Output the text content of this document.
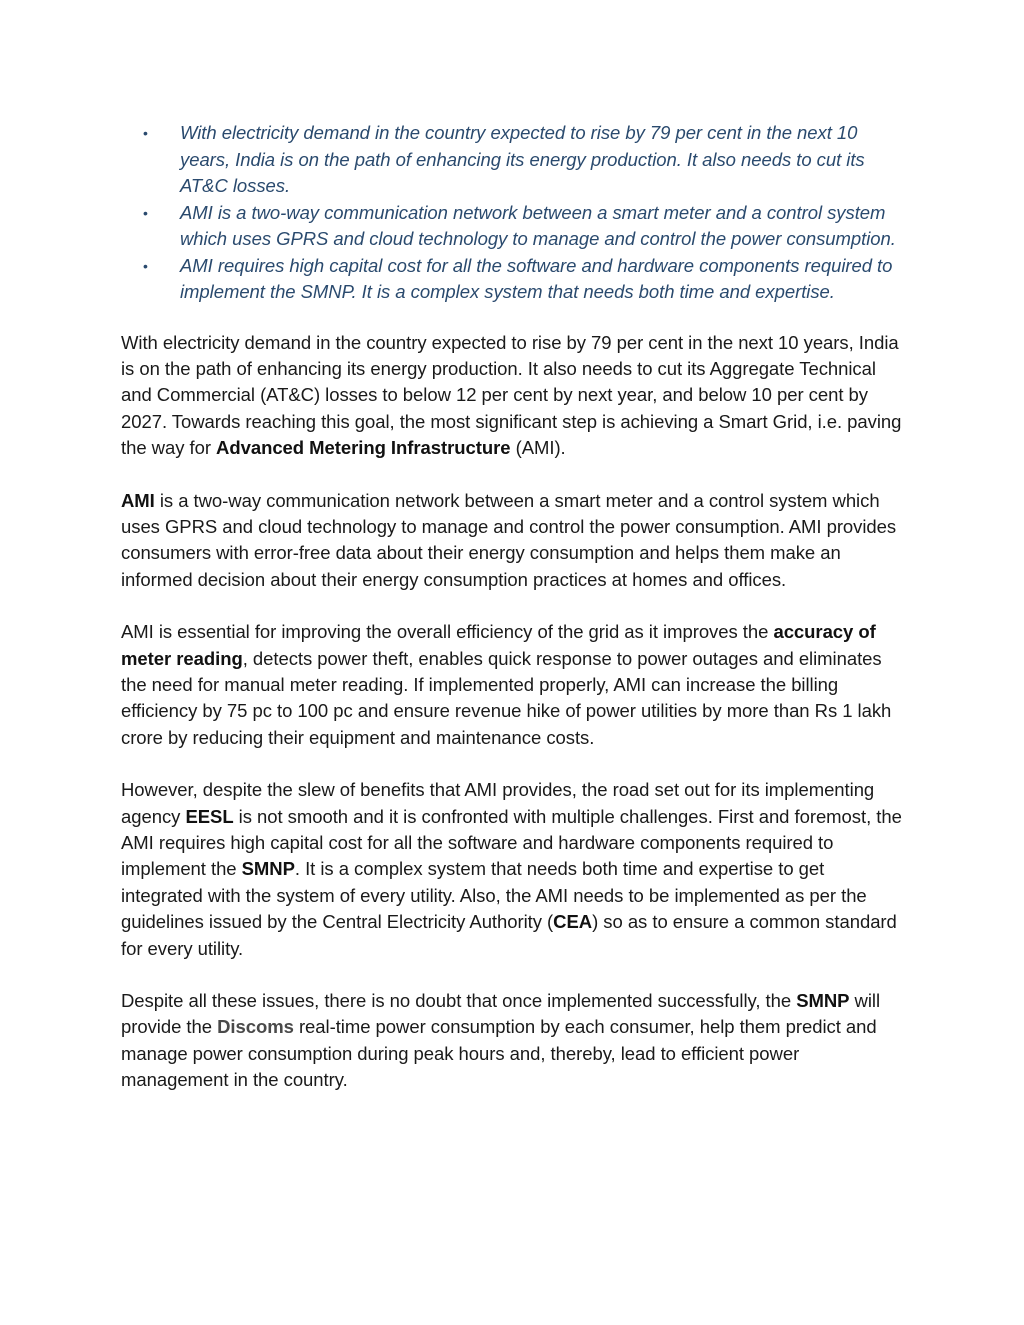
• With electricity demand in the country expected to rise by 79 per cent in the next 10 years, India is on the path of enhancing its energy production. It also needs to cut its AT&C losses.
• AMI is a two-way communication network between a smart meter and a control system which uses GPRS and cloud technology to manage and control the power consumption.
• AMI requires high capital cost for all the software and hardware components required to implement the SMNP. It is a complex system that needs both time and expertise.

With electricity demand in the country expected to rise by 79 per cent in the next 10 years, India is on the path of enhancing its energy production. It also needs to cut its Aggregate Technical and Commercial (AT&C) losses to below 12 per cent by next year, and below 10 per cent by 2027. Towards reaching this goal, the most significant step is achieving a Smart Grid, i.e. paving the way for Advanced Metering Infrastructure (AMI).

AMI is a two-way communication network between a smart meter and a control system which uses GPRS and cloud technology to manage and control the power consumption. AMI provides consumers with error-free data about their energy consumption and helps them make an informed decision about their energy consumption practices at homes and offices.

AMI is essential for improving the overall efficiency of the grid as it improves the accuracy of meter reading, detects power theft, enables quick response to power outages and eliminates the need for manual meter reading. If implemented properly, AMI can increase the billing efficiency by 75 pc to 100 pc and ensure revenue hike of power utilities by more than Rs 1 lakh crore by reducing their equipment and maintenance costs.

However, despite the slew of benefits that AMI provides, the road set out for its implementing agency EESL is not smooth and it is confronted with multiple challenges. First and foremost, the AMI requires high capital cost for all the software and hardware components required to implement the SMNP. It is a complex system that needs both time and expertise to get integrated with the system of every utility. Also, the AMI needs to be implemented as per the guidelines issued by the Central Electricity Authority (CEA) so as to ensure a common standard for every utility.

Despite all these issues, there is no doubt that once implemented successfully, the SMNP will provide the Discoms real-time power consumption by each consumer, help them predict and manage power consumption during peak hours and, thereby, lead to efficient power management in the country.
